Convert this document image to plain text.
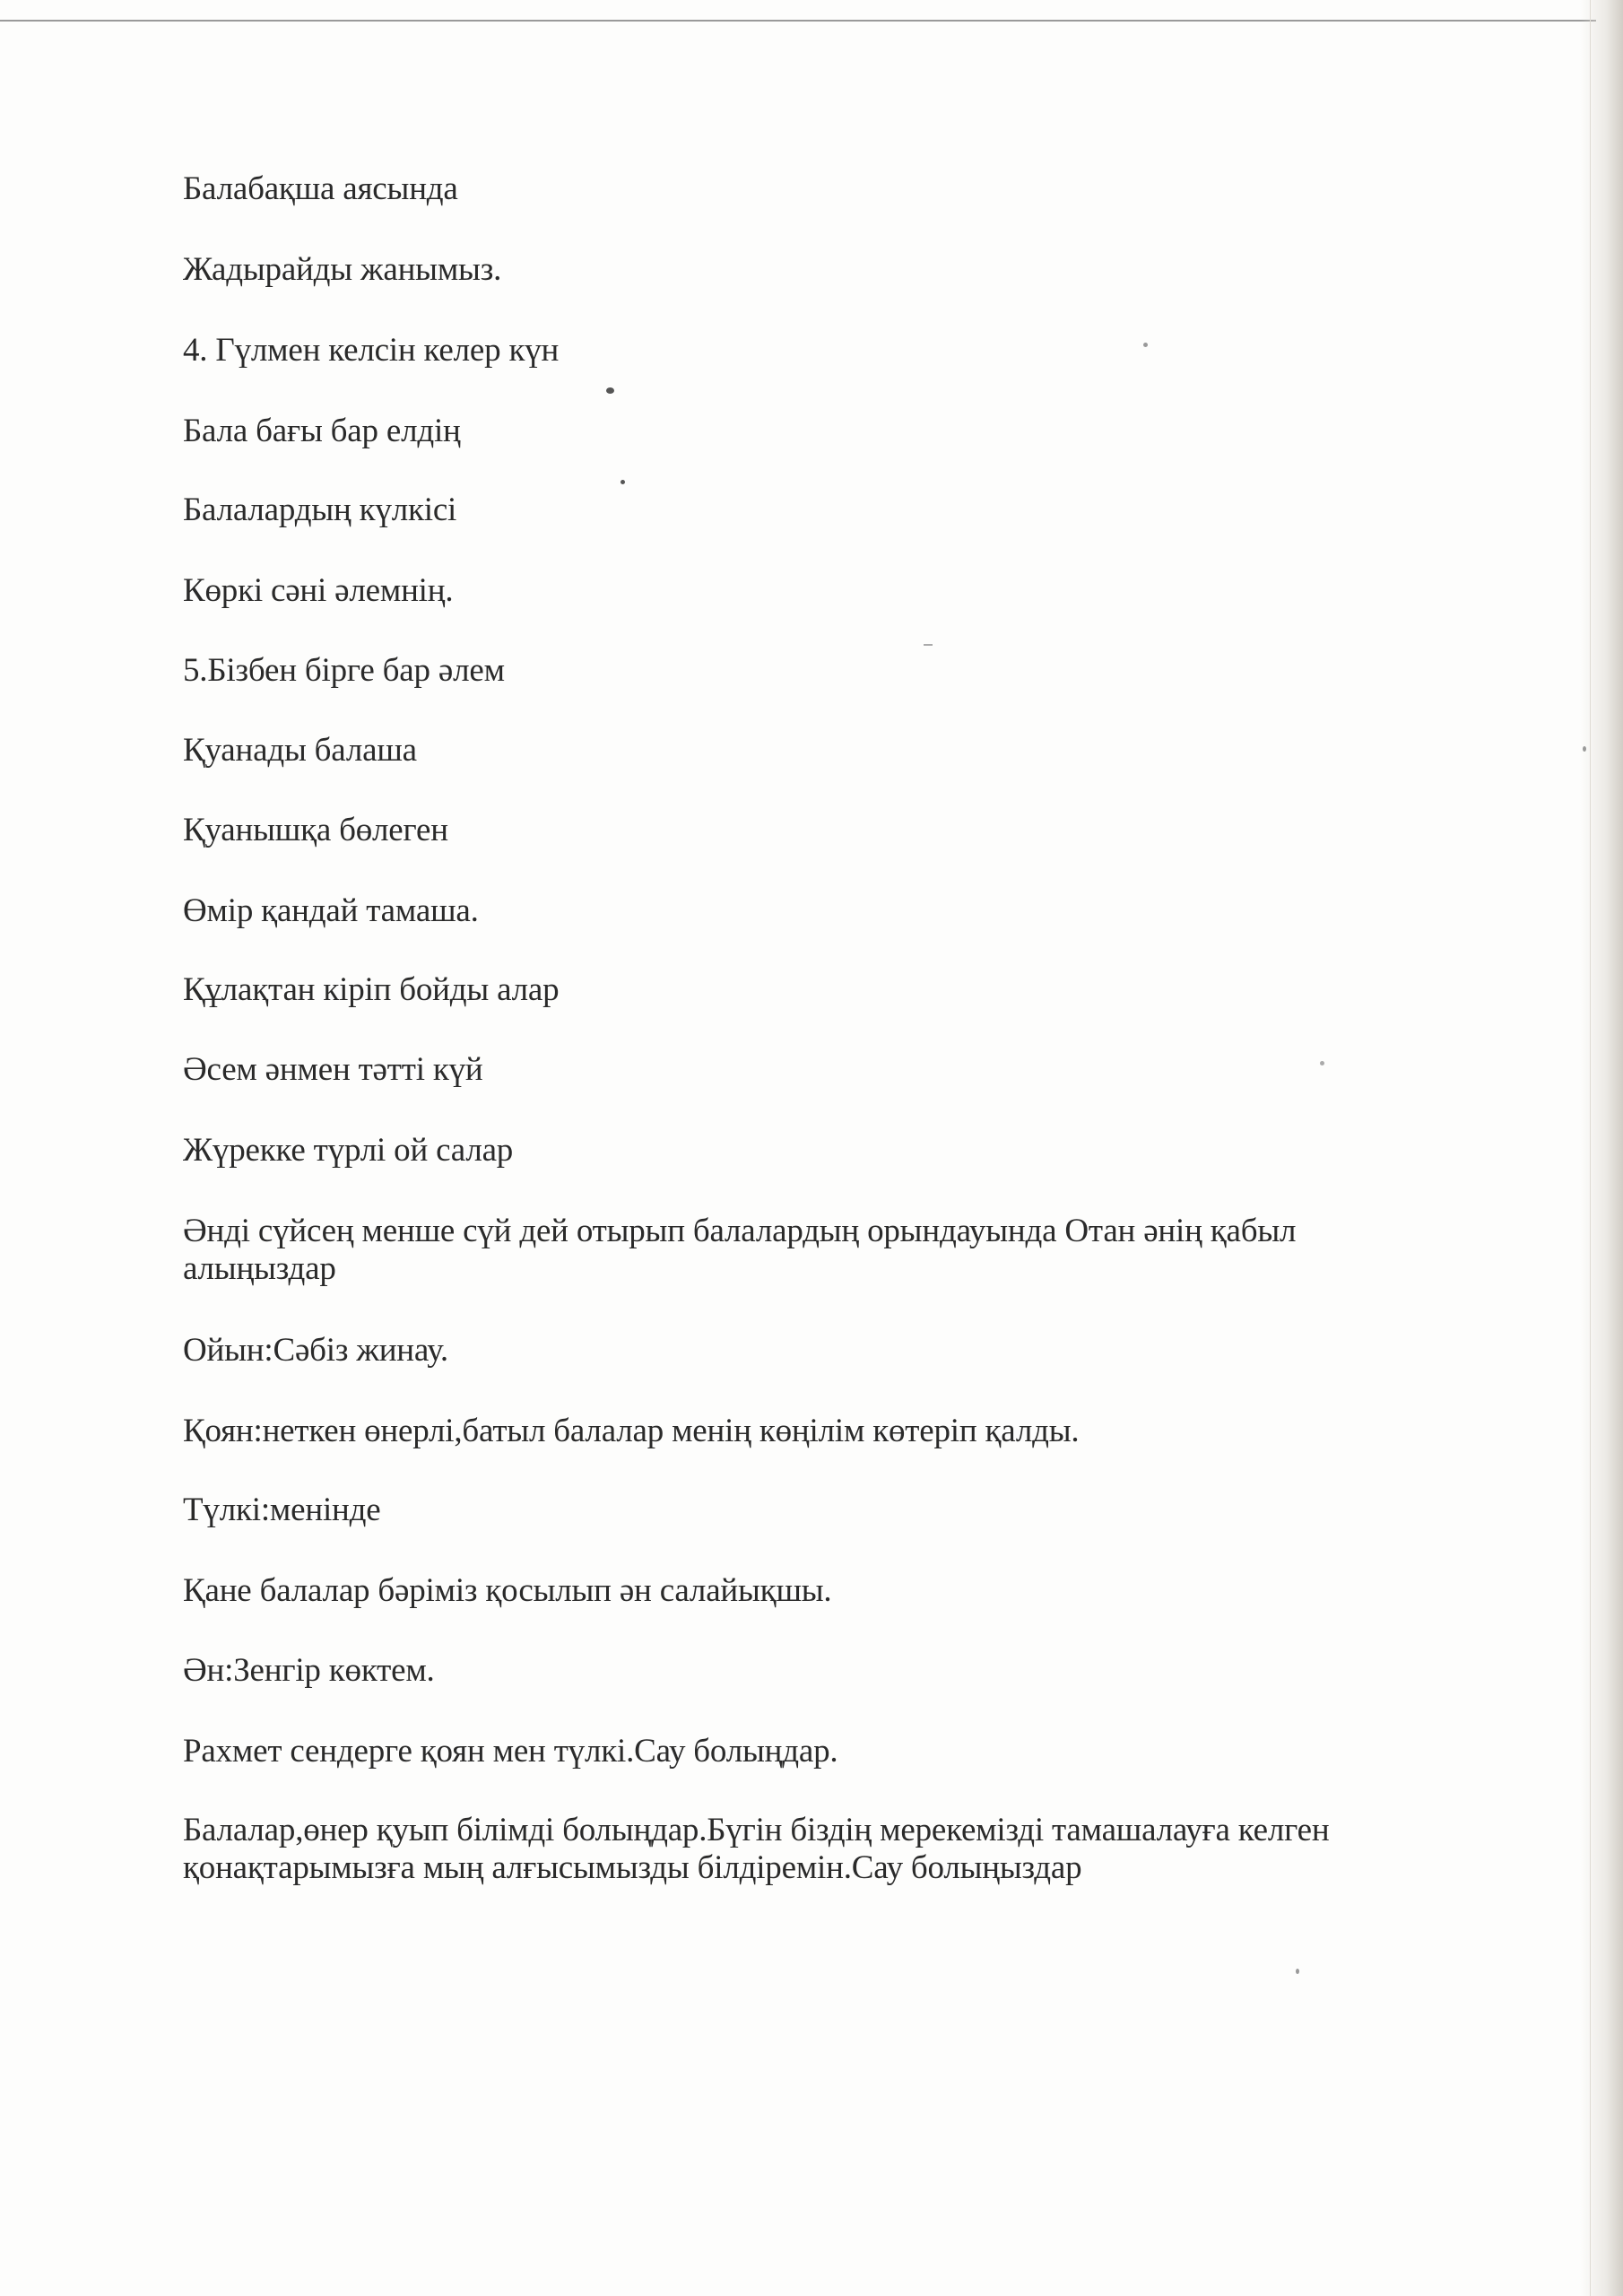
Балабақша аясында
Жадырайды жанымыз.
4. Гүлмен келсін келер күн
Бала бағы бар елдің
Балалардың күлкісі
Көркі сәні әлемнің.
5.Бізбен бірге бар әлем
Қуанады балаша
Қуанышқа бөлеген
Өмір қандай тамаша.
Құлақтан кіріп бойды алар
Әсем әнмен тәтті күй
Жүрекке түрлі ой салар
Әнді сүйсең менше сүй дей отырып балалардың орындауында Отан әнің қабыл алыңыздар
Ойын:Сәбіз жинау.
Қоян:неткен өнерлі,батыл балалар менің көңілім көтеріп қалды.
Түлкі:менінде
Қане балалар бәріміз қосылып ән салайықшы.
Ән:Зенгір көктем.
Рахмет сендерге қоян мен түлкі.Сау болыңдар.
Балалар,өнер қуып білімді болыңдар.Бүгін біздің мерекемізді тамашалауға келген қонақтарымызға мың алғысымызды білдіремін.Сау болыңыздар
